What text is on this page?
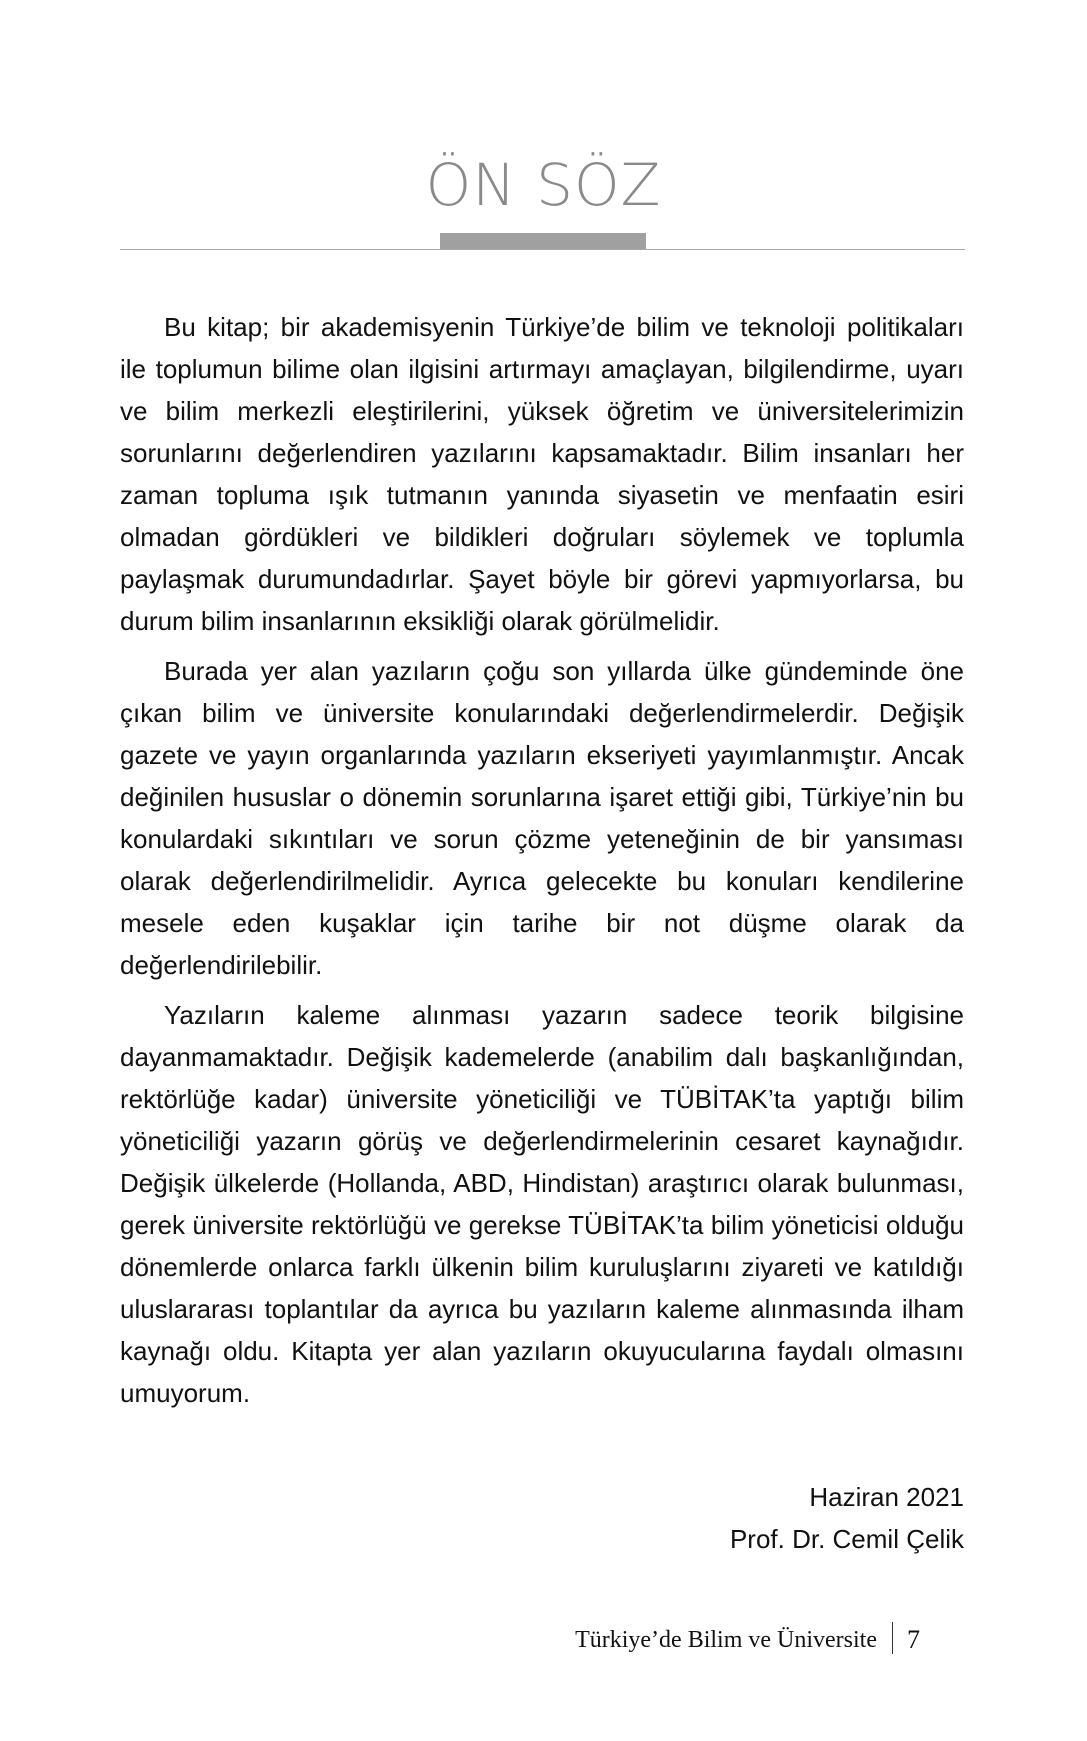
ÖN SÖZ

Bu kitap; bir akademisyenin Türkiye’de bilim ve teknoloji politikaları ile toplumun bilime olan ilgisini artırmayı amaçlayan, bilgilendirme, uyarı ve bilim merkezli eleştirilerini, yüksek öğretim ve üniversitelerimizin sorunlarını değerlendiren yazılarını kapsamaktadır. Bilim insanları her zaman topluma ışık tutmanın yanında siyasetin ve menfaatin esiri olmadan gördükleri ve bildikleri doğruları söylemek ve toplumla paylaşmak durumundadırlar. Şayet böyle bir görevi yapmıyorlarsa, bu durum bilim insanlarının eksikliği olarak görülmelidir.

Burada yer alan yazıların çoğu son yıllarda ülke gündeminde öne çıkan bilim ve üniversite konularındaki değerlendirmelerdir. Değişik gazete ve yayın organlarında yazıların ekseriyeti yayımlanmıştır. Ancak değinilen hususlar o dönemin sorunlarına işaret ettiği gibi, Türkiye’nin bu konulardaki sıkıntıları ve sorun çözme yeteneğinin de bir yansıması olarak değerlendirilmelidir. Ayrıca gelecekte bu konuları kendilerine mesele eden kuşaklar için tarihe bir not düşme olarak da değerlendirilebilir.

Yazıların kaleme alınması yazarın sadece teorik bilgisine dayanmamaktadır. Değişik kademelerde (anabilim dalı başkanlığından, rektörlüğe kadar) üniversite yöneticiliği ve TÜBİTAK’ta yaptığı bilim yöneticiliği yazarın görüş ve değerlendirmelerinin cesaret kaynağıdır. Değişik ülkelerde (Hollanda, ABD, Hindistan) araştırıcı olarak bulunması, gerek üniversite rektörlüğü ve gerekse TÜBİTAK’ta bilim yöneticisi olduğu dönemlerde onlarca farklı ülkenin bilim kuruluşlarını ziyareti ve katıldığı uluslararası toplantılar da ayrıca bu yazıların kaleme alınmasında ilham kaynağı oldu. Kitapta yer alan yazıların okuyucularına faydalı olmasını umuyorum.

Haziran 2021
Prof. Dr. Cemil Çelik
Türkiye’de Bilim ve Üniversite 7
